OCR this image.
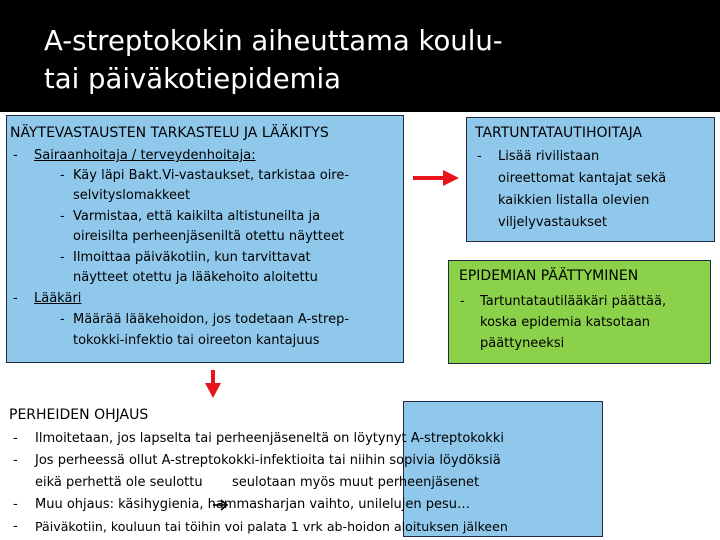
A-streptokokin aiheuttama koulu-
tai päiväkotiepidemia
NÄYTEVASTAUSTEN TARKASTELU JA LÄÄKITYS
- Sairaanhoitaja / terveydenhoitaja:
- Käy läpi Bakt.Vi-vastaukset, tarkistaa oire-
selvityslomakkeet
- Varmistaa, että kaikilta altistuneilta ja
oireisilta perheenjäseniltä otettu näytteet
- Ilmoittaa päiväkotiin, kun tarvittavat
näytteet otettu ja lääkehoito aloitettu
- Lääkäri
- Määrää lääkehoidon, jos todetaan A-strep-
tokokki-infektio tai oireeton kantajuus
TARTUNTATAUTIHOITAJA
- Lisää rivilistaan
oireettomat kantajat sekä
kaikkien listalla olevien
viljelyvastaukset
EPIDEMIAN PÄÄTTYMINEN
- Tartuntatautilääkäri päättää,
koska epidemia katsotaan
päättyneeksi
PERHEIDEN OHJAUS
- Ilmoitetaan, jos lapselta tai perheenjäseneltä on löytynyt A-streptokokki
- Jos perheessä ollut A-streptokokki-infektioita tai niihin sopivia löydöksiä
eikä perhettä ole seulottu seulotaan myös muut perheenjäsenet
- Muu ohjaus: käsihygienia, hammasharjan vaihto, unilelujen pesu…
- Päiväkotiin, kouluun tai töihin voi palata 1 vrk ab-hoidon aloituksen jälkeen
